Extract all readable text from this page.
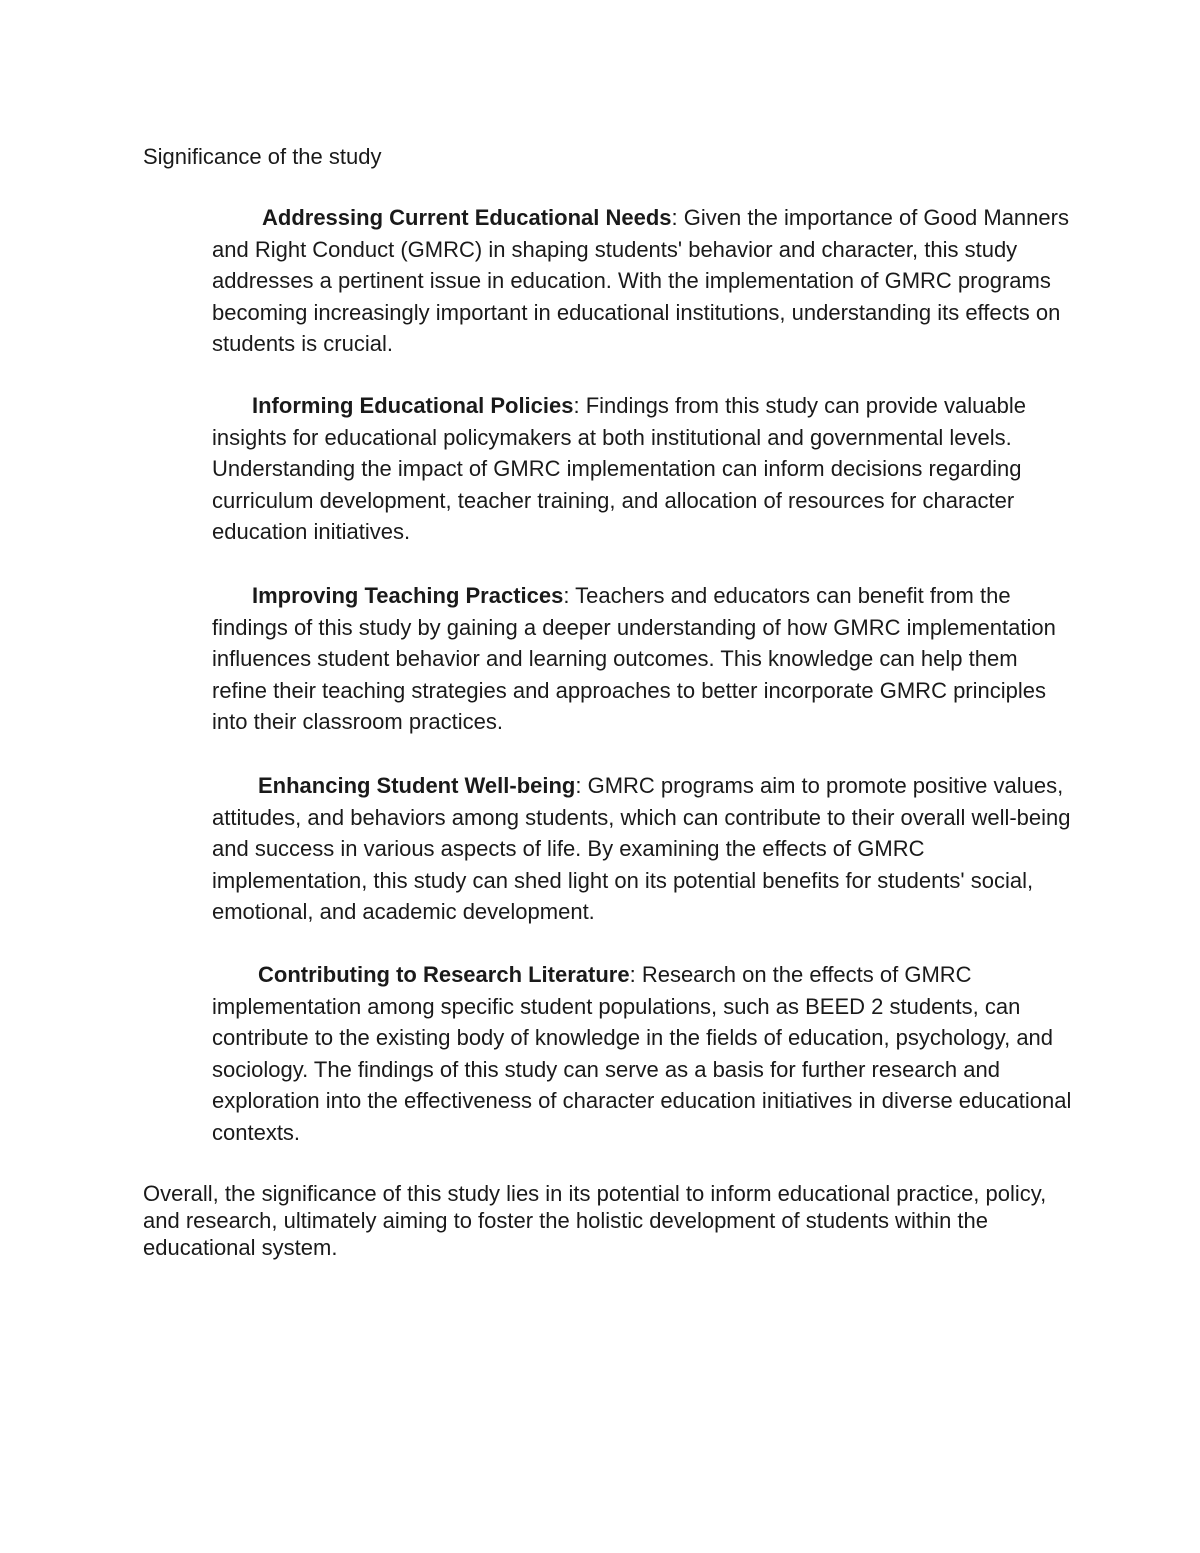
Significance of the study

Addressing Current Educational Needs: Given the importance of Good Manners and Right Conduct (GMRC) in shaping students' behavior and character, this study addresses a pertinent issue in education. With the implementation of GMRC programs becoming increasingly important in educational institutions, understanding its effects on students is crucial.

Informing Educational Policies: Findings from this study can provide valuable insights for educational policymakers at both institutional and governmental levels. Understanding the impact of GMRC implementation can inform decisions regarding curriculum development, teacher training, and allocation of resources for character education initiatives.

Improving Teaching Practices: Teachers and educators can benefit from the findings of this study by gaining a deeper understanding of how GMRC implementation influences student behavior and learning outcomes. This knowledge can help them refine their teaching strategies and approaches to better incorporate GMRC principles into their classroom practices.

Enhancing Student Well-being: GMRC programs aim to promote positive values, attitudes, and behaviors among students, which can contribute to their overall well-being and success in various aspects of life. By examining the effects of GMRC implementation, this study can shed light on its potential benefits for students' social, emotional, and academic development.

Contributing to Research Literature: Research on the effects of GMRC implementation among specific student populations, such as BEED 2 students, can contribute to the existing body of knowledge in the fields of education, psychology, and sociology. The findings of this study can serve as a basis for further research and exploration into the effectiveness of character education initiatives in diverse educational contexts.

Overall, the significance of this study lies in its potential to inform educational practice, policy, and research, ultimately aiming to foster the holistic development of students within the educational system.
